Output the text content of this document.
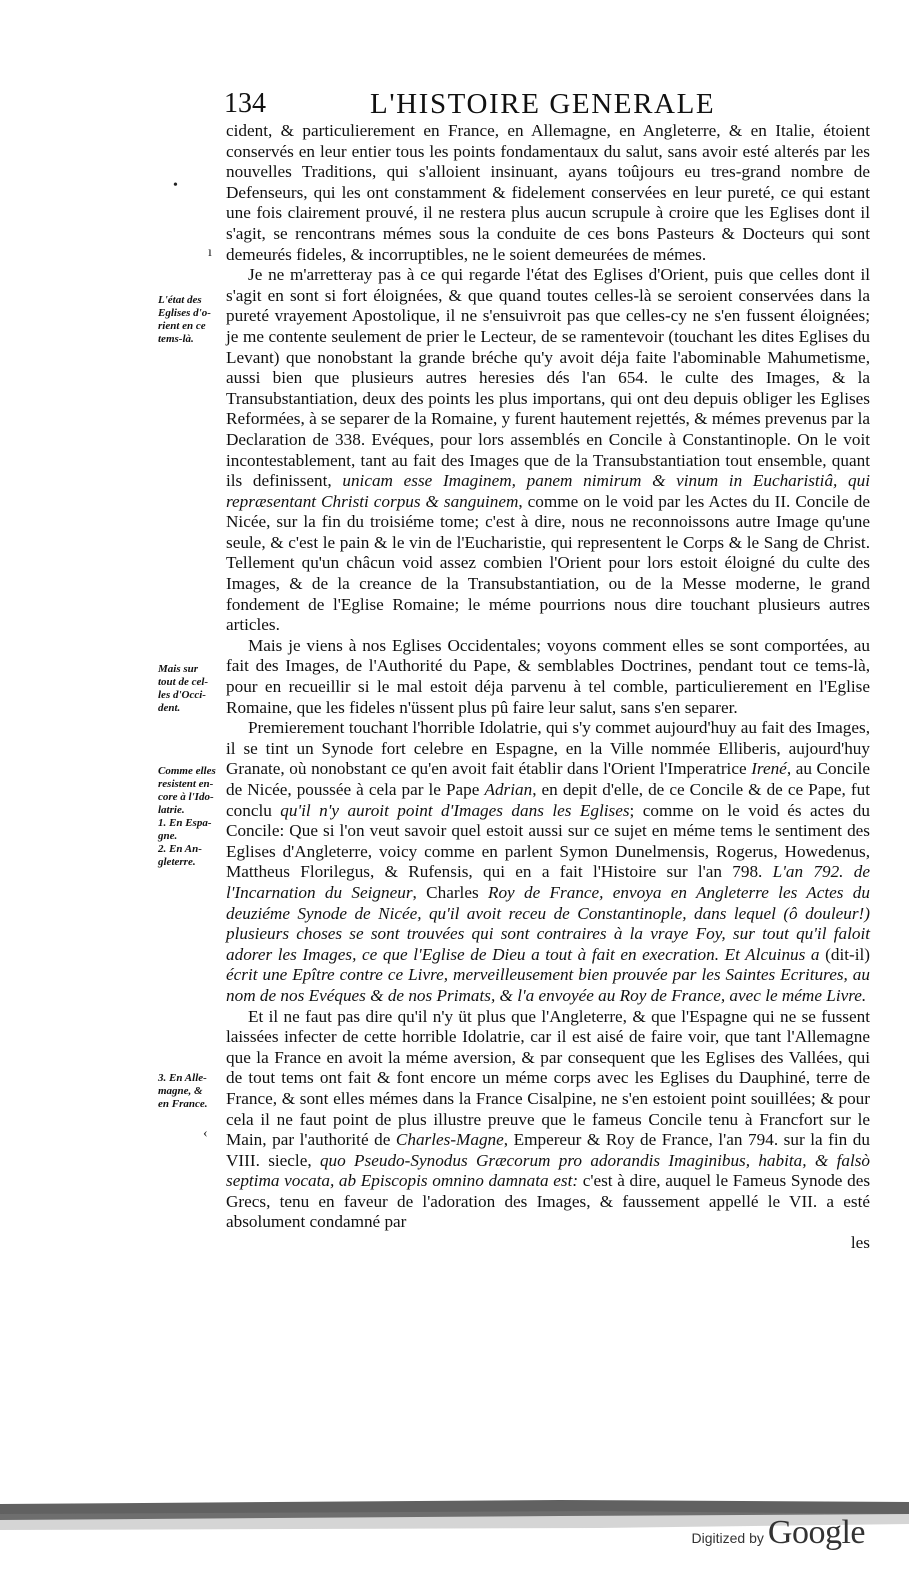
134	L'HISTOIRE GENERALE
L'état des
Eglises d'o-
rient en ce
tems-là.
Mais sur
tout de cel-
les d'Occi-
dent.
Comme elles
resistent en-
core à l'Ido-
latrie.
1. En Espa-
gne.
2. En An-
gleterre.
3. En Alle-
magne, &
en France.

cident, & particulierement en France, en Allemagne, en Angleterre, & en Italie, étoient conservés en leur entier tous les points fondamentaux du salut, sans avoir esté alterés par les nouvelles Traditions, qui s'alloient insinuant, ayans toûjours eu tres-grand nombre de Defenseurs, qui les ont constamment & fidelement conservées en leur pureté, ce qui estant une fois clairement prouvé, il ne restera plus aucun scrupule à croire que les Eglises dont il s'agit, se rencontrans mémes sous la conduite de ces bons Pasteurs & Docteurs qui sont demeurés fideles, & incorruptibles, ne le soient demeurées de mémes.

Je ne m'arretteray pas à ce qui regarde l'état des Eglises d'Orient, puis que celles dont il s'agit en sont si fort éloignées, & que quand toutes celles-là se seroient conservées dans la pureté vrayement Apostolique, il ne s'ensuivroit pas que celles-cy ne s'en fussent éloignées; je me contente seulement de prier le Lecteur, de se ramentevoir (touchant les dites Eglises du Levant) que nonobstant la grande bréche qu'y avoit déja faite l'abominable Mahumetisme, aussi bien que plusieurs autres heresies dés l'an 654. le culte des Images, & la Transubstantiation, deux des points les plus importans, qui ont deu depuis obliger les Eglises Reformées, à se separer de la Romaine, y furent hautement rejettés, & mémes prevenus par la Declaration de 338. Evéques, pour lors assemblés en Concile à Constantinople. On le voit incontestablement, tant au fait des Images que de la Transubstantiation tout ensemble, quant ils definissent, unicam esse Imaginem, panem nimirum & vinum in Eucharistiâ, qui repræsentant Christi corpus & sanguinem, comme on le void par les Actes du II. Concile de Nicée, sur la fin du troisiéme tome; c'est à dire, nous ne reconnoissons autre Image qu'une seule, & c'est le pain & le vin de l'Eucharistie, qui representent le Corps & le Sang de Christ. Tellement qu'un châcun void assez combien l'Orient pour lors estoit éloigné du culte des Images, & de la creance de la Transubstantiation, ou de la Messe moderne, le grand fondement de l'Eglise Romaine; le méme pourrions nous dire touchant plusieurs autres articles.

Mais je viens à nos Eglises Occidentales; voyons comment elles se sont comportées, au fait des Images, de l'Authorité du Pape, & semblables Doctrines, pendant tout ce tems-là, pour en recueillir si le mal estoit déja parvenu à tel comble, particulierement en l'Eglise Romaine, que les fideles n'üssent plus pû faire leur salut, sans s'en separer.

Premierement touchant l'horrible Idolatrie, qui s'y commet aujourd'huy au fait des Images, il se tint un Synode fort celebre en Espagne, en la Ville nommée Elliberis, aujourd'huy Granate, où nonobstant ce qu'en avoit fait établir dans l'Orient l'Imperatrice Irené, au Concile de Nicée, poussée à cela par le Pape Adrian, en depit d'elle, de ce Concile & de ce Pape, fut conclu qu'il n'y auroit point d'Images dans les Eglises; comme on le void és actes du Concile: Que si l'on veut savoir quel estoit aussi sur ce sujet en méme tems le sentiment des Eglises d'Angleterre, voicy comme en parlent Symon Dunelmensis, Rogerus, Howedenus, Mattheus Florilegus, & Rufensis, qui en a fait l'Histoire sur l'an 798. L'an 792. de l'Incarnation du Seigneur, Charles Roy de France, envoya en Angleterre les Actes du deuziéme Synode de Nicée, qu'il avoit receu de Constantinople, dans lequel (ô douleur!) plusieurs choses se sont trouvées qui sont contraires à la vraye Foy, sur tout qu'il faloit adorer les Images, ce que l'Eglise de Dieu a tout à fait en execration. Et Alcuinus a (dit-il) écrit une Epître contre ce Livre, merveilleusement bien prouvée par les Saintes Ecritures, au nom de nos Evéques & de nos Primats, & l'a envoyée au Roy de France, avec le méme Livre.

Et il ne faut pas dire qu'il n'y üt plus que l'Angleterre, & que l'Espagne qui ne se fussent laissées infecter de cette horrible Idolatrie, car il est aisé de faire voir, que tant l'Allemagne que la France en avoit la méme aversion, & par consequent que les Eglises des Vallées, qui de tout tems ont fait & font encore un méme corps avec les Eglises du Dauphiné, terre de France, & sont elles mémes dans la France Cisalpine, ne s'en estoient point souillées; & pour cela il ne faut point de plus illustre preuve que le fameus Concile tenu à Francfort sur le Main, par l'authorité de Charles-Magne, Empereur & Roy de France, l'an 794. sur la fin du VIII. siecle, quo Pseudo-Synodus Græcorum pro adorandis Imaginibus, habita, & falsò septima vocata, ab Episcopis omnino damnata est: c'est à dire, auquel le Fameus Synode des Grecs, tenu en faveur de l'adoration des Images, & faussement appellé le VII. a esté absolument condamné par

les

•
ı
‹
Digitized by Google
